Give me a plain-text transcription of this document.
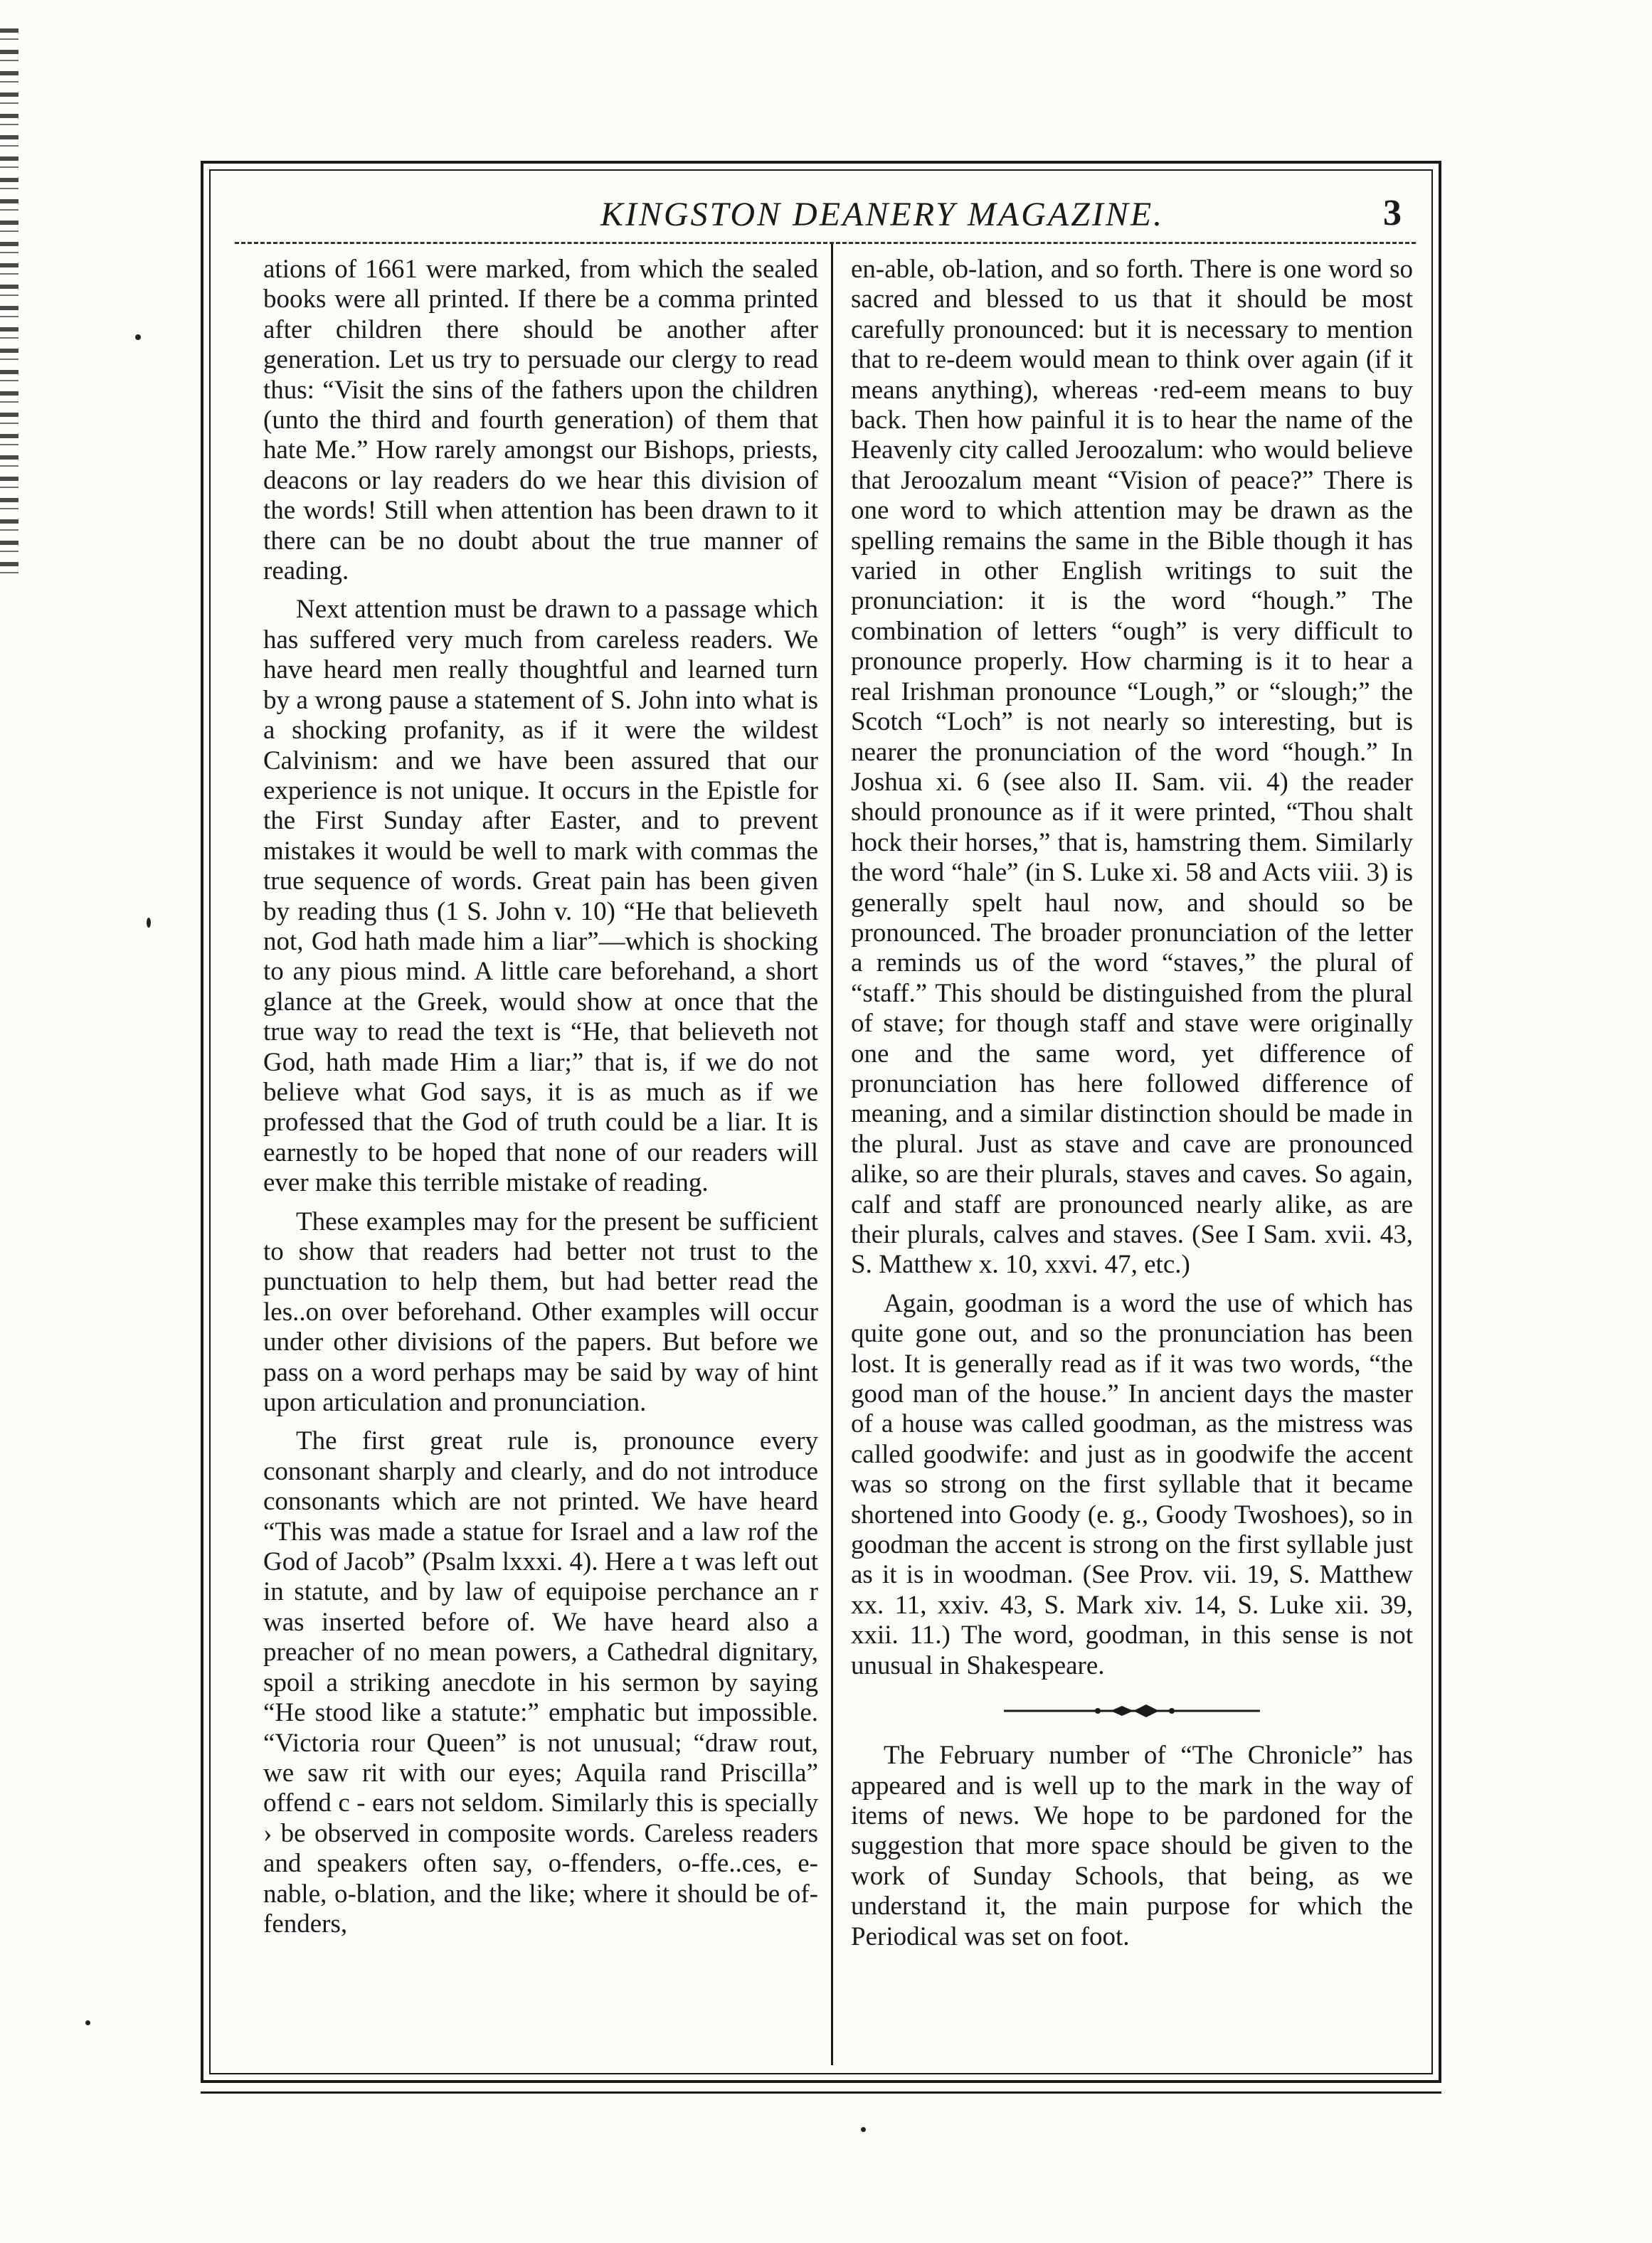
KINGSTON DEANERY MAGAZINE.	3

ations of 1661 were marked, from which the sealed books were all printed. If there be a comma printed after children there should be another after generation. Let us try to persuade our clergy to read thus: “Visit the sins of the fathers upon the children (unto the third and fourth generation) of them that hate Me.” How rarely amongst our Bishops, priests, deacons or lay readers do we hear this division of the words! Still when attention has been drawn to it there can be no doubt about the true manner of reading.

Next attention must be drawn to a passage which has suffered very much from careless readers. We have heard men really thoughtful and learned turn by a wrong pause a statement of S. John into what is a shocking profanity, as if it were the wildest Calvinism: and we have been assured that our experience is not unique. It occurs in the Epistle for the First Sunday after Easter, and to prevent mistakes it would be well to mark with commas the true sequence of words. Great pain has been given by reading thus (1 S. John v. 10) “He that believeth not, God hath made him a liar”—which is shocking to any pious mind. A little care beforehand, a short glance at the Greek, would show at once that the true way to read the text is “He, that believeth not God, hath made Him a liar;” that is, if we do not believe what God says, it is as much as if we professed that the God of truth could be a liar. It is earnestly to be hoped that none of our readers will ever make this terrible mistake of reading.

These examples may for the present be sufficient to show that readers had better not trust to the punctuation to help them, but had better read the les..on over beforehand. Other examples will occur under other divisions of the papers. But before we pass on a word perhaps may be said by way of hint upon articulation and pronunciation.

The first great rule is, pronounce every consonant sharply and clearly, and do not introduce consonants which are not printed. We have heard “This was made a statue for Israel and a law rof the God of Jacob” (Psalm lxxxi. 4). Here a t was left out in statute, and by law of equipoise perchance an r was inserted before of. We have heard also a preacher of no mean powers, a Cathedral dignitary, spoil a striking anecdote in his sermon by saying “He stood like a statute:” emphatic but impossible. “Victoria rour Queen” is not unusual; “draw rout, we saw rit with our eyes; Aquila rand Priscilla” offend c - ears not seldom. Similarly this is specially › be observed in composite words. Careless readers and speakers often say, o-ffenders, o-ffe..ces, e-nable, o-blation, and the like; where it should be of-fenders,

en-able, ob-lation, and so forth. There is one word so sacred and blessed to us that it should be most carefully pronounced: but it is necessary to mention that to re-deem would mean to think over again (if it means anything), whereas ·red-eem means to buy back. Then how painful it is to hear the name of the Heavenly city called Jeroozalum: who would believe that Jeroozalum meant “Vision of peace?” There is one word to which attention may be drawn as the spelling remains the same in the Bible though it has varied in other English writings to suit the pronunciation: it is the word “hough.” The combination of letters “ough” is very difficult to pronounce properly. How charming is it to hear a real Irishman pronounce “Lough,” or “slough;” the Scotch “Loch” is not nearly so interesting, but is nearer the pronunciation of the word “hough.” In Joshua xi. 6 (see also II. Sam. vii. 4) the reader should pronounce as if it were printed, “Thou shalt hock their horses,” that is, hamstring them. Similarly the word “hale” (in S. Luke xi. 58 and Acts viii. 3) is generally spelt haul now, and should so be pronounced. The broader pronunciation of the letter a reminds us of the word “staves,” the plural of “staff.” This should be distinguished from the plural of stave; for though staff and stave were originally one and the same word, yet difference of pronunciation has here followed difference of meaning, and a similar distinction should be made in the plural. Just as stave and cave are pronounced alike, so are their plurals, staves and caves. So again, calf and staff are pronounced nearly alike, as are their plurals, calves and staves. (See I Sam. xvii. 43, S. Matthew x. 10, xxvi. 47, etc.)

Again, goodman is a word the use of which has quite gone out, and so the pronunciation has been lost. It is generally read as if it was two words, “the good man of the house.” In ancient days the master of a house was called goodman, as the mistress was called goodwife: and just as in goodwife the accent was so strong on the first syllable that it became shortened into Goody (e. g., Goody Twoshoes), so in goodman the accent is strong on the first syllable just as it is in woodman. (See Prov. vii. 19, S. Matthew xx. 11, xxiv. 43, S. Mark xiv. 14, S. Luke xii. 39, xxii. 11.) The word, goodman, in this sense is not unusual in Shakespeare.

The February number of “The Chronicle” has appeared and is well up to the mark in the way of items of news. We hope to be pardoned for the suggestion that more space should be given to the work of Sunday Schools, that being, as we understand it, the main purpose for which the Periodical was set on foot.
